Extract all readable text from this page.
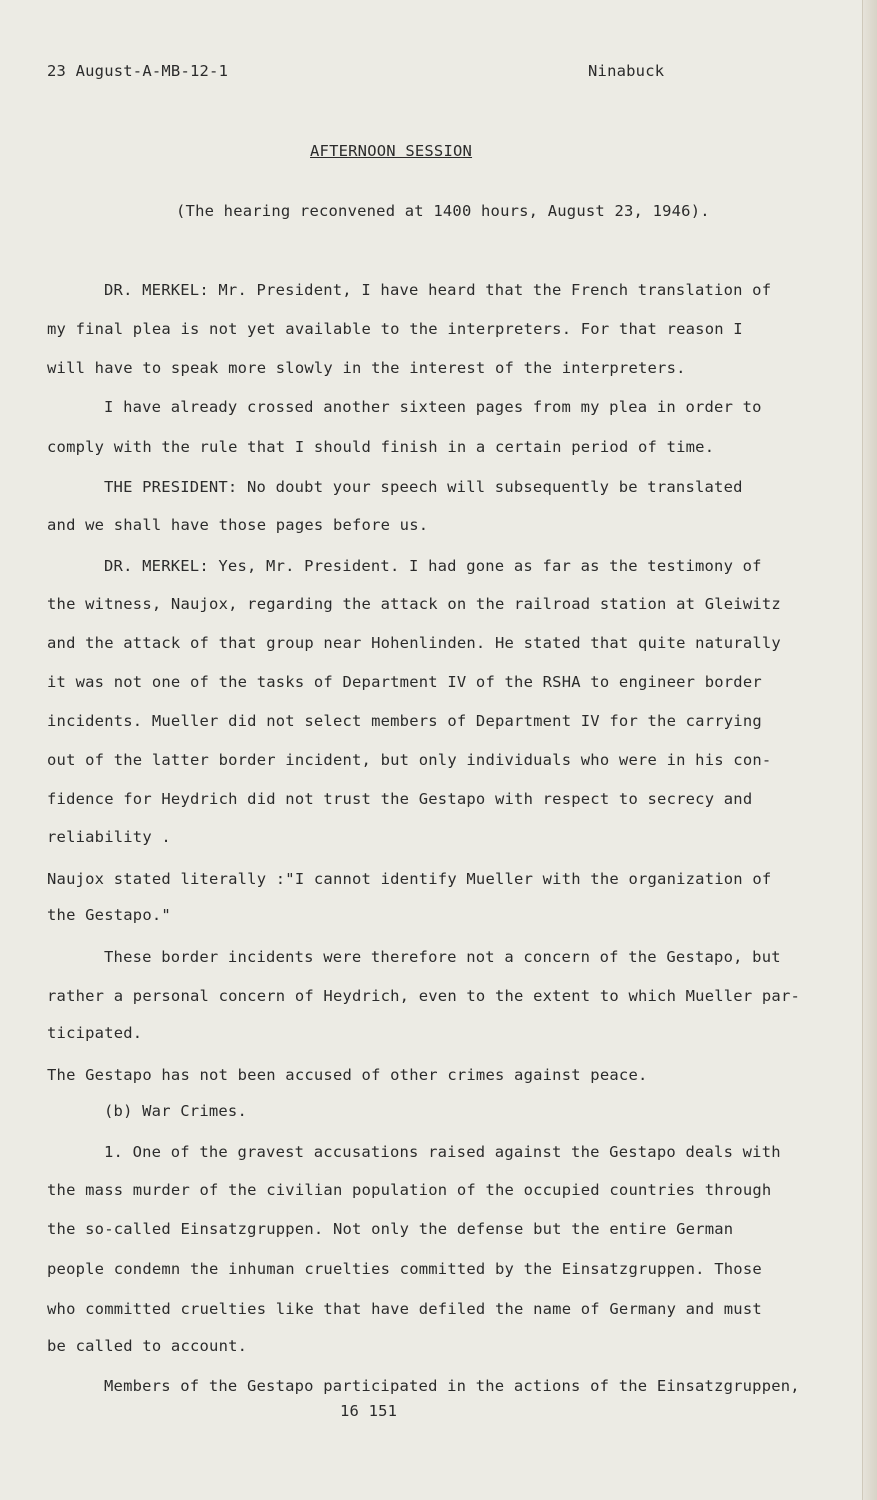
23 August-A-MB-12-1	Ninabuck
AFTERNOON SESSION
(The hearing reconvened at 1400 hours, August 23, 1946).
DR. MERKEL: Mr. President, I have heard that the French translation of
my final plea is not yet available to the interpreters. For that reason I
will have to speak more slowly in the interest of the interpreters.
I have already crossed another sixteen pages from my plea in order to
comply with the rule that I should finish in a certain period of time.
THE PRESIDENT: No doubt your speech will subsequently be translated
and we shall have those pages before us.
DR. MERKEL: Yes, Mr. President. I had gone as far as the testimony of
the witness, Naujox, regarding the attack on the railroad station at Gleiwitz
and the attack of that group near Hohenlinden. He stated that quite naturally
it was not one of the tasks of Department IV of the RSHA to engineer border
incidents. Mueller did not select members of Department IV for the carrying
out of the latter border incident, but only individuals who were in his con-
fidence for Heydrich did not trust the Gestapo with respect to secrecy and
reliability .
Naujox stated literally :"I cannot identify Mueller with the organization of
the Gestapo."
These border incidents were therefore not a concern of the Gestapo, but
rather a personal concern of Heydrich, even to the extent to which Mueller par-
ticipated.
The Gestapo has not been accused of other crimes against peace.
(b) War Crimes.
1. One of the gravest accusations raised against the Gestapo deals with
the mass murder of the civilian population of the occupied countries through
the so-called Einsatzgruppen. Not only the defense but the entire German
people condemn the inhuman cruelties committed by the Einsatzgruppen. Those
who committed cruelties like that have defiled the name of Germany and must
be called to account.
Members of the Gestapo participated in the actions of the Einsatzgruppen,
16 151
